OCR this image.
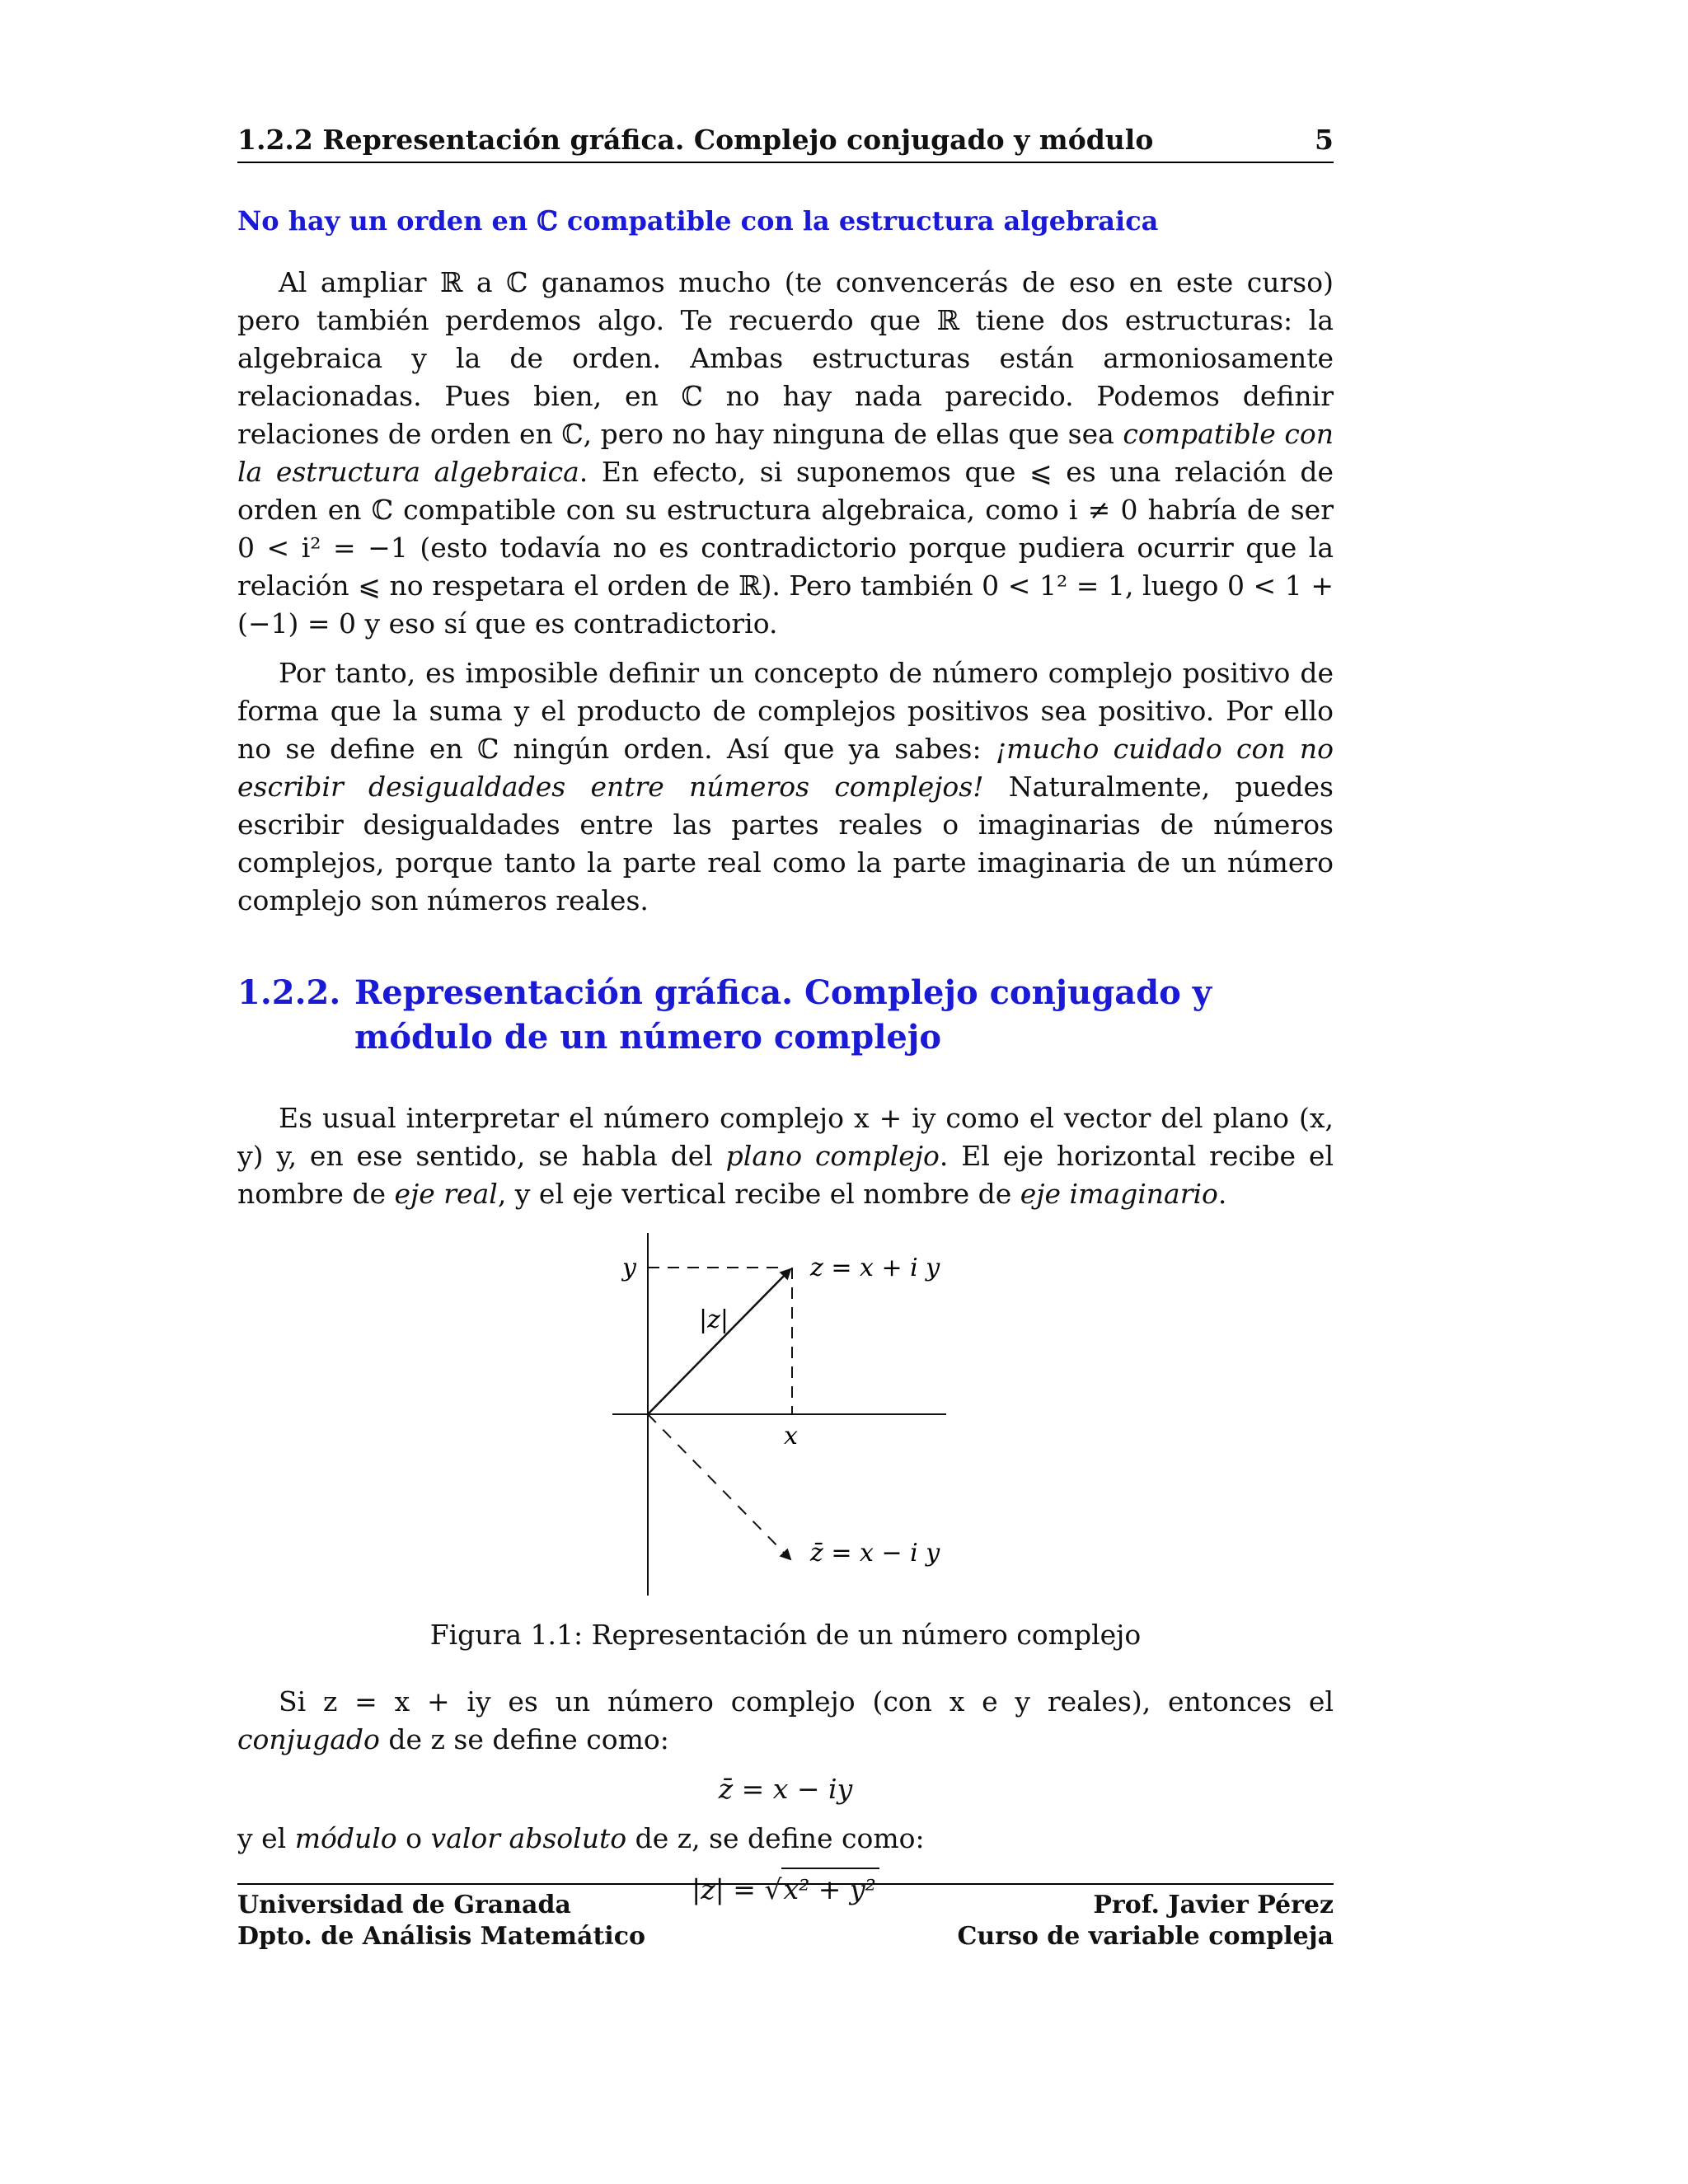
1.2.2 Representación gráfica. Complejo conjugado y módulo	5
No hay un orden en ℂ compatible con la estructura algebraica

Al ampliar ℝ a ℂ ganamos mucho (te convencerás de eso en este curso) pero también perdemos algo. Te recuerdo que ℝ tiene dos estructuras: la algebraica y la de orden. Ambas estructuras están armoniosamente relacionadas. Pues bien, en ℂ no hay nada parecido. Podemos definir relaciones de orden en ℂ, pero no hay ninguna de ellas que sea compatible con la estructura algebraica. En efecto, si suponemos que ⩽ es una relación de orden en ℂ compatible con su estructura algebraica, como i ≠ 0 habría de ser 0 < i² = −1 (esto todavía no es contradictorio porque pudiera ocurrir que la relación ⩽ no respetara el orden de ℝ). Pero también 0 < 1² = 1, luego 0 < 1 + (−1) = 0 y eso sí que es contradictorio.

Por tanto, es imposible definir un concepto de número complejo positivo de forma que la suma y el producto de complejos positivos sea positivo. Por ello no se define en ℂ ningún orden. Así que ya sabes: ¡mucho cuidado con no escribir desigualdades entre números complejos! Naturalmente, puedes escribir desigualdades entre las partes reales o imaginarias de números complejos, porque tanto la parte real como la parte imaginaria de un número complejo son números reales.

1.2.2. Representación gráfica. Complejo conjugado y módulo de un número complejo

Es usual interpretar el número complejo x + iy como el vector del plano (x, y) y, en ese sentido, se habla del plano complejo. El eje horizontal recibe el nombre de eje real, y el eje vertical recibe el nombre de eje imaginario.

y
x
|z|
z = x + i y
z̄ = x − i y
Figura 1.1: Representación de un número complejo

Si z = x + iy es un número complejo (con x e y reales), entonces el conjugado de z se define como:

z̄ = x − iy

y el módulo o valor absoluto de z, se define como:

|z| = √x² + y²
Universidad de Granada
Dpto. de Análisis Matemático
Prof. Javier Pérez
Curso de variable compleja
